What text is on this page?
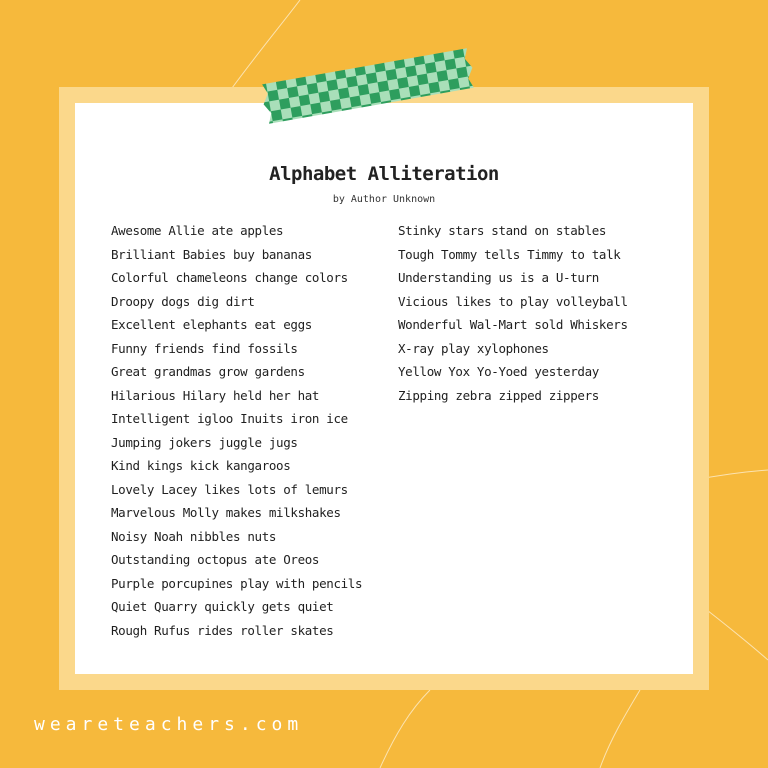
Alphabet Alliteration
by Author Unknown
Awesome Allie ate apples
Brilliant Babies buy bananas
Colorful chameleons change colors
Droopy dogs dig dirt
Excellent elephants eat eggs
Funny friends find fossils
Great grandmas grow gardens
Hilarious Hilary held her hat
Intelligent igloo Inuits iron ice
Jumping jokers juggle jugs
Kind kings kick kangaroos
Lovely Lacey likes lots of lemurs
Marvelous Molly makes milkshakes
Noisy Noah nibbles nuts
Outstanding octopus ate Oreos
Purple porcupines play with pencils
Quiet Quarry quickly gets quiet
Rough Rufus rides roller skates
Stinky stars stand on stables
Tough Tommy tells Timmy to talk
Understanding us is a U-turn
Vicious likes to play volleyball
Wonderful Wal-Mart sold Whiskers
X-ray play xylophones
Yellow Yox Yo-Yoed yesterday
Zipping zebra zipped zippers
weareteachers.com
